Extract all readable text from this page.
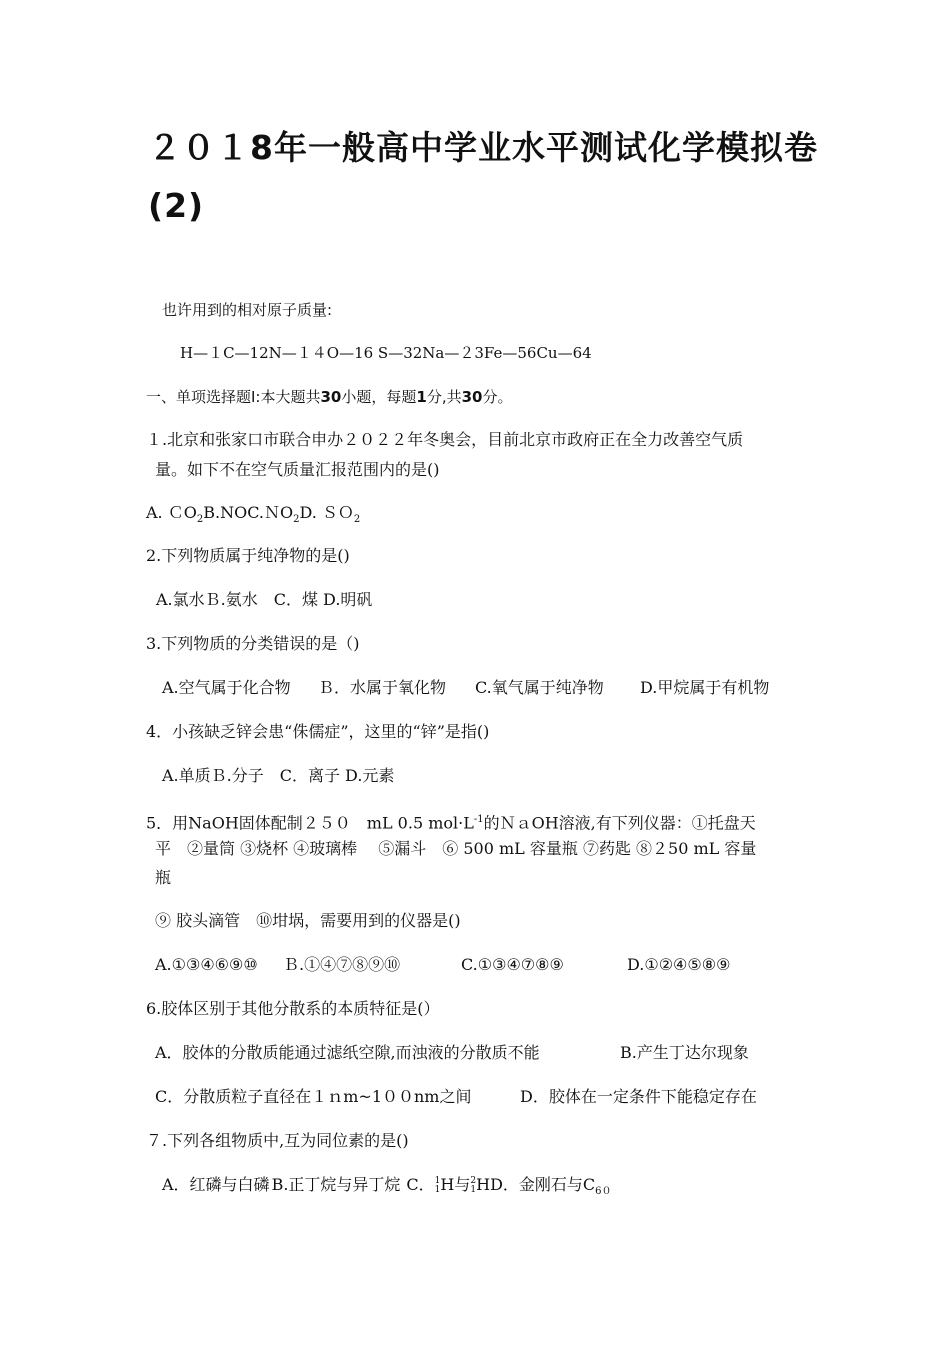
２０１8年一般高中学业水平测试化学模拟卷
(2)
也许用到的相对原子质量:
H—１C—12N—１４O—16 S—32Na—２3Fe—56Cu—64
一、单项选择题Ⅰ:本大题共30小题，每题1分,共30分。
１.北京和张家口市联合申办２０２２年冬奥会，目前北京市政府正在全力改善空气质
量。如下不在空气质量汇报范围内的是()
A. ＣO$_2$B.NOC.ＮO$_2$D. ＳＯ$_2$
2.下列物质属于纯净物的是()
A.氯水Ｂ.氨水　C．煤 D.明矾
3.下列物质的分类错误的是（)
A.空气属于化合物 Ｂ．水属于氧化物 C.氧气属于纯净物 D.甲烷属于有机物
4．小孩缺乏锌会患“侏儒症”，这里的“锌”是指()
A.单质Ｂ.分子　C．离子 D.元素
5．用NaOH固体配制２５０　mL 0.5 $mol\cdot L^{-1}$的ＮａOH溶液,有下列仪器：①托盘天
平　②量筒 ③烧杯 ④玻璃棒　 ⑤漏斗　⑥ 500 mL 容量瓶 ⑦药匙 ⑧２50 mL 容量
瓶
⑨ 胶头滴管　⑩坩埚，需要用到的仪器是()
A.①③④⑥⑨⑩ Ｂ.①④⑦⑧⑨⑩	C.①③④⑦⑧⑨	D.①②④⑤⑧⑨
6.胶体区别于其他分散系的本质特征是(）
A．胶体的分散质能通过滤纸空隙,而浊液的分散质不能	B.产生丁达尔现象
C．分散质粒子直径在１ｎm~1００nm之间	D．胶体在一定条件下能稳定存在
７.下列各组物质中,互为同位素的是()
A．红磷与白磷 B.正丁烷与异丁烷 C．1
1H与2
1HD．金刚石与$C_{60}$
